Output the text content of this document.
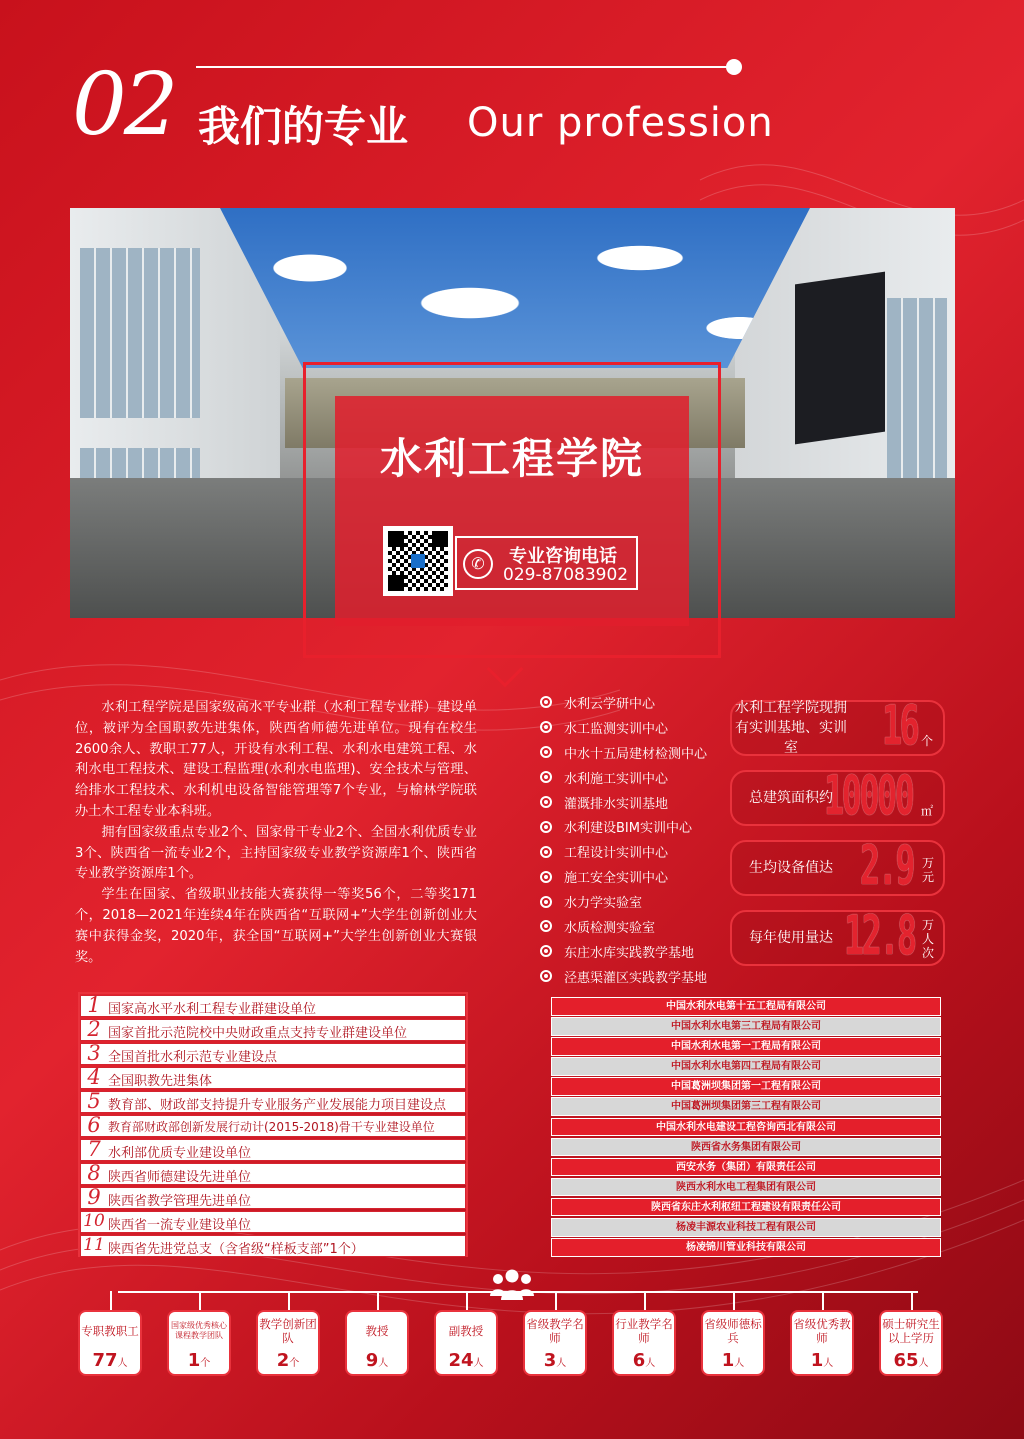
02 我们的专业 Our profession
水利工程学院
✆	专业咨询电话
029-87083902

水利工程学院是国家级高水平专业群（水利工程专业群）建设单位，被评为全国职教先进集体，陕西省师德先进单位。现有在校生2600余人、教职工77人，开设有水利工程、水利水电建筑工程、水利水电工程技术、建设工程监理(水利水电监理)、安全技术与管理、给排水工程技术、水利机电设备智能管理等7个专业，与榆林学院联办土木工程专业本科班。

拥有国家级重点专业2个、国家骨干专业2个、全国水利优质专业3个、陕西省一流专业2个，主持国家级专业教学资源库1个、陕西省专业教学资源库1个。

学生在国家、省级职业技能大赛获得一等奖56个，二等奖171个，2018—2021年连续4年在陕西省“互联网+”大学生创新创业大赛中获得金奖，2020年，获全国“互联网+”大学生创新创业大赛银奖。

水利云学研中心
水工监测实训中心
中水十五局建材检测中心
水利施工实训中心
灌溉排水实训基地
水利建设BIM实训中心
工程设计实训中心
施工安全实训中心
水力学实验室
水质检测实验室
东庄水库实践教学基地
泾惠渠灌区实践教学基地
水利工程学院现拥有实训基地、实训室	16 个
总建筑面积约
10000 ㎡
生均设备值达 2.9 万元
每年使用量达 12.8 万人次
1 国家高水平水利工程专业群建设单位
2 国家首批示范院校中央财政重点支持专业群建设单位
3 全国首批水利示范专业建设点
4 全国职教先进集体
5 教育部、财政部支持提升专业服务产业发展能力项目建设点
6 教育部财政部创新发展行动计(2015-2018)骨干专业建设单位
7 水利部优质专业建设单位
8 陕西省师德建设先进单位
9 陕西省教学管理先进单位
10 陕西省一流专业建设单位
11 陕西省先进党总支（含省级“样板支部”1个）
中国水利水电第十五工程局有限公司
中国水利水电第三工程局有限公司
中国水利水电第一工程局有限公司
中国水利水电第四工程局有限公司
中国葛洲坝集团第一工程有限公司
中国葛洲坝集团第三工程有限公司
中国水利水电建设工程咨询西北有限公司
陕西省水务集团有限公司
西安水务（集团）有限责任公司
陕西水利水电工程集团有限公司
陕西省东庄水利枢纽工程建设有限责任公司
杨凌丰源农业科技工程有限公司
杨凌锦川管业科技有限公司
专职教职工
77人
国家级优秀核心课程教学团队
1个
教学创新团队
2个
教授
9人
副教授
24人
省级教学名师
3人
行业教学名师
6人
省级师德标兵
1人
省级优秀教师
1人
硕士研究生以上学历
65人
